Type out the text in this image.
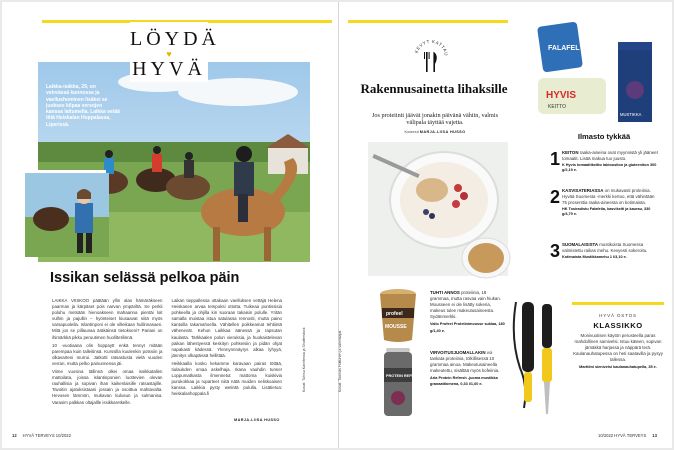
Laikka-isäkka, 29, on vetreässä kunnossa ja vaellushominen lisäksi se juoksee kilpaa versojen kanssa laitumella. Laikka vetää tiitä Heiskalan Hoppalassa, Liperissä.
LÖYDÄ
♥
HYVÄ
Issikan selässä pelkoa päin

LAIKKA VIISKOO päätään yllin alas hämäräkseen paarman ja kärpäset pois narvan ympäriltä. Se perkii poluhu metsään hienoakseen mahaanna pientäi loit vulhin ja pajullin – hyönteiset kiusaavat niitä myös varsapuolella. Islantinponi ei ole villeikaan hullinnasaen. Mitä jos se pillaunaa äräkäinsä tietokseni? Pariani on ihimärkkä pikku peruutimen huoliltetilinnä.

10 -vuotiaana olin hoppaytt enkä tennyt mitään parempaa kuin talleitinsä. Kurssilla kuulenkin potssiin ja olkavarteni murrui. Jatkotti ratsastusta vielä vuoden verran, mutta pelko painunnessa jäi.

Viime vuosina tällinnä olkei omaa issikkatallen mattoilata, joissa islantinponien luottevien olevan rauhallisia ja sopivan ihan kaikenlaisille ratsastajille. Tavoitin ajatuksistaani jossain ja osoittua mahtavalta. Hevosen lämmön, mukavan kulusun ja sulmanisa. Varasim palkkan oltajallle issikkaretkelle.

Laikan tieppallessa ottakaan vaelluksen vettäjä Helena Heiskanen arvaa tempoksi ottotta. Tuikeaa puntissisia pohkeella ja ohjilla kin suoraan takaisin polulle. Yritän samalla muistaa istua satulassa rennosti, mutta paino kantoilla takamahoella. Vähitellen poikkeamat tehtiintä vähenevät. Kehun Laikkaa äänessä ja rapsutan kaulasta. Tarkkaalen polun vieruksia, ja huokaistelevan paikan lähestyessä keskityn pohkeisiin ja pidän ohjat napakasti kädessä. Ylennynnnäyrys alkaa lyhyyä, jännitys olkapäissä hellittää.

Heikkaalla kosko kekamme karavaan pairas töttää, tiulaukden omaa askelhaja. Ikana vauhdin tunne! Loppumatkasta ilmennetut mattoma kuiskivia purukokkaa ja ruparteet niitä nätä muiden neliskoaisen kanssa. Laikkia pysty wetintä polulla. Lisätietoa: heiskalanhoppala.fi

MARJA-LIISA HUSSO
Kuvat: Tuhisu Karintessa ja Shutterstock	Kuvat: Tuomas Huttunen ja valmistajat
12 HYVÄ TERVEYS 10/2022
KEVYT KATTAU
Rakennusainetta lihaksille
Jos proteiinit jäävät jonakin päivänä vähiin, valmis välipala täyttää vajetta.
Koonnut MARJA-LIISA HUSSO
FALAFEL
HYVIS
KEITTO
MUSTIKKA
Ilmasto tykkää
1 KEITON raaka-aineina ovat myynnistä yli jääneet tomaatit. Lisää makua tuo juusto.
K Hyvis tomaattikeitto laktoositon ja gluteeniton 300 g/2,19 e.
2 KASVISATERIASSA on mukavasti proteiinia. Hyvää Suomesta -merkki kertoo, että vähintään 75 prosenttia raaka-aineesta on kotimaista.
HK Tosiradistu Falafelia, kasvikeiti ja kaurau, 330 g/4,79 e.
3 SUOMALAISISTA mustikoista Suomessa valmistettu raikas mehu. Kevyesti sokeroitu.
Kotimaista Mustikkamehu 1 l/3,10 e.
profeel
MOUSSE
TUHTI ANNOS proteiinia, 18 grammaa, mutta rasvaa vain hiukan. Mousseen ei ole lisätty sokeria, makeus tulee makeutusaineesta. Sydänmerkki.
Valio Profeel Proteiinimousse suklaa, 180 g/1,40 e.
PROTEIN REFRESH
VIRVOITUSJUOMALLAKIN voi tankata proteiinia, tölkillisessä 10 grammaa ainoa. Makeutusaineella makeutettu, sisältää myös kofeiinia.
Arla Protein Refresh -juoma mustikka granaattiomena, 0,33 l/1,60 e.
HYVÄ OSTOS
KLASSIKKO
Monivuotisen käytön perusteella paras mahdollinen samivelsi. Istuu käteen, sopivan jämäkkä harjassa ja näppärä terä. Kaulanauhatupessa on heti saatavilla ja pysyy tallessa.
Marttiini sienivelsi kaulanauhatupella, 35 e.
10/2022 HYVÄ TERVEYS 13
